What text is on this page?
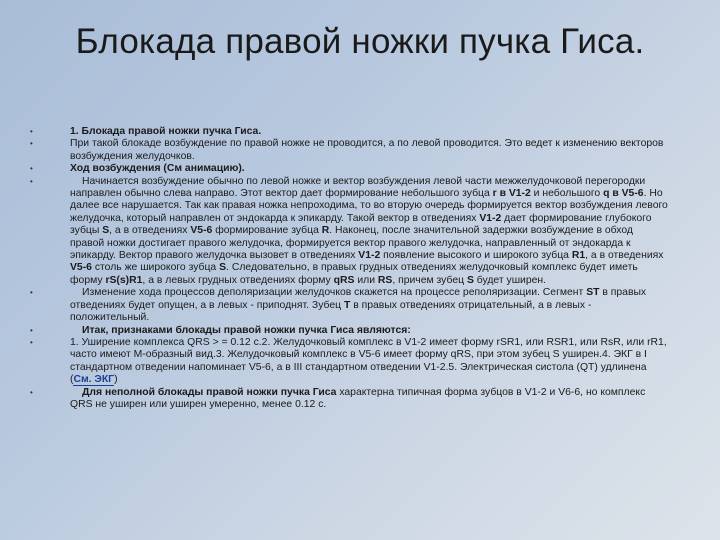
Блокада правой ножки пучка Гиса.
• 1. Блокада правой ножки пучка Гиса.
• При такой блокаде возбуждение по правой ножке не проводится, а по левой проводится. Это ведет к изменению векторов возбуждения желудочков.
• Ход возбуждения (См анимацию).
• Начинается возбуждение обычно по левой ножке и вектор возбуждения левой части межжелудочковой перегородки направлен обычно слева направо. Этот вектор дает формирование небольшого зубца r в V1-2 и небольшого q в V5-6. Но далее все нарушается. Так как правая ножка непроходима, то во вторую очередь формируется вектор возбуждения левого желудочка, который направлен от эндокарда к эпикарду. Такой вектор в отведениях V1-2 дает формирование глубокого зубцы S, а в отведениях V5-6 формирование зубца R. Наконец, после значительной задержки возбуждение в обход правой ножки достигает правого желудочка, формируется вектор правого желудочка, направленный от эндокарда к эпикарду. Вектор правого желудочка вызовет в отведениях V1-2 появление высокого и широкого зубца R1, а в отведениях V5-6 столь же широкого зубца S. Следовательно, в правых грудных отведениях желудочковый комплекс будет иметь форму rS(s)R1, а в левых грудных отведениях форму qRS или RS, причем зубец S будет уширен.
• Изменение хода процессов деполяризации желудочков скажется на процессе реполяризации. Сегмент ST в правых отведениях будет опущен, а в левых - приподнят. Зубец T в правых отведениях отрицательный, а в левых - положительный.
• Итак, признаками блокады правой ножки пучка Гиса являются:
• 1. Уширение комплекса QRS > = 0.12 с.2. Желудочковый комплекс в V1-2 имеет форму rSR1, или RSR1, или RsR, или rR1, часто имеют М-образный вид.3. Желудочковый комплекс в V5-6 имеет форму qRS, при этом зубец S уширен.4. ЭКГ в I стандартном отведении напоминает V5-6, а в III стандартном отведении V1-2.5. Электрическая систола (QT) удлинена (См. ЭКГ)
• Для неполной блокады правой ножки пучка Гиса характерна типичная форма зубцов в V1-2 и V6-6, но комплекс QRS не уширен или уширен умеренно, менее 0.12 с.
